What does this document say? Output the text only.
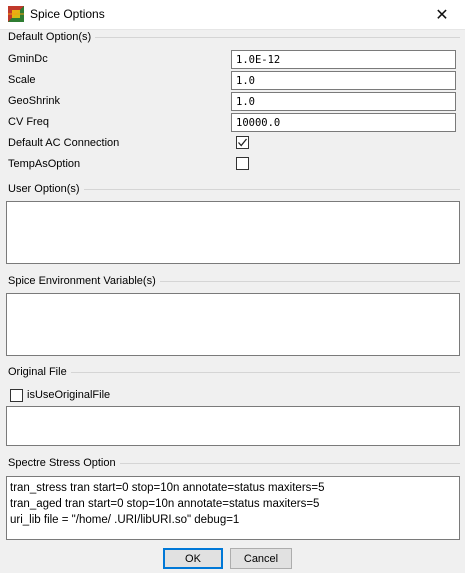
Spice Options	✕
Default Option(s)
GminDc	1.0E-12
Scale	1.0
GeoShrink	1.0
CV Freq	10000.0
Default AC Connection
TempAsOption
User Option(s)
Spice Environment Variable(s)
Original File
isUseOriginalFile
Spectre Stress Option
tran_stress tran start=0 stop=10n annotate=status maxiters=5
tran_aged tran start=0 stop=10n annotate=status maxiters=5
uri_lib file = "/home/ .URI/libURI.so" debug=1
OK	Cancel
